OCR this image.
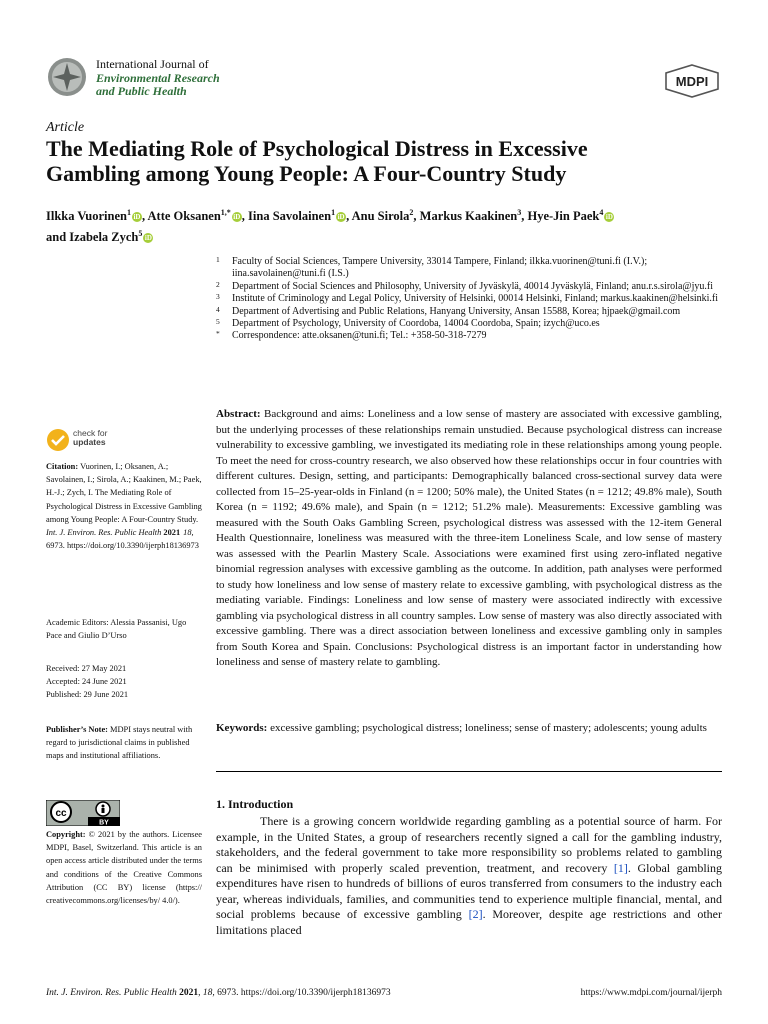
International Journal of
Environmental Research
and Public Health
MDPI
Article
The Mediating Role of Psychological Distress in Excessive Gambling among Young People: A Four-Country Study
Ilkka Vuorinen$^1$iD , Atte Oksanen$^{1,*}$iD , Iina Savolainen$^1$iD , Anu Sirola$^2$, Markus Kaakinen$^3$, Hye-Jin Paek$^4$iD
and Izabela Zych$^5$iD
1 Faculty of Social Sciences, Tampere University, 33014 Tampere, Finland; ilkka.vuorinen@tuni.fi (I.V.); iina.savolainen@tuni.fi (I.S.)
2 Department of Social Sciences and Philosophy, University of Jyväskylä, 40014 Jyväskylä, Finland; anu.r.s.sirola@jyu.fi
3 Institute of Criminology and Legal Policy, University of Helsinki, 00014 Helsinki, Finland; markus.kaakinen@helsinki.fi
4 Department of Advertising and Public Relations, Hanyang University, Ansan 15588, Korea; hjpaek@gmail.com
5 Department of Psychology, University of Coordoba, 14004 Coordoba, Spain; izych@uco.es
* Correspondence: atte.oksanen@tuni.fi; Tel.: +358-50-318-7279
check for
updates
Citation: Vuorinen, I.; Oksanen, A.; Savolainen, I.; Sirola, A.; Kaakinen, M.; Paek, H.-J.; Zych, I. The Mediating Role of Psychological Distress in Excessive Gambling among Young People: A Four-Country Study. Int. J. Environ. Res. Public Health 2021 18, 6973. https://doi.org/10.3390/ijerph18136973
Academic Editors: Alessia Passanisi, Ugo Pace and Giulio D’Urso
Received: 27 May 2021
Accepted: 24 June 2021
Published: 29 June 2021
Publisher’s Note: MDPI stays neutral with regard to jurisdictional claims in published maps and institutional affiliations.
cc
BY
Copyright: © 2021 by the authors. Licensee MDPI, Basel, Switzerland. This article is an open access article distributed under the terms and conditions of the Creative Commons Attribution (CC BY) license (https:// creativecommons.org/licenses/by/ 4.0/).
Abstract: Background and aims: Loneliness and a low sense of mastery are associated with excessive gambling, but the underlying processes of these relationships remain unstudied. Because psychological distress can increase vulnerability to excessive gambling, we investigated its mediating role in these relationships among young people. To meet the need for cross-country research, we also observed how these relationships occur in four countries with different cultures. Design, setting, and participants: Demographically balanced cross-sectional survey data were collected from 15–25-year-olds in Finland (n = 1200; 50% male), the United States (n = 1212; 49.8% male), South Korea (n = 1192; 49.6% male), and Spain (n = 1212; 51.2% male). Measurements: Excessive gambling was measured with the South Oaks Gambling Screen, psychological distress was assessed with the 12-item General Health Questionnaire, loneliness was measured with the three-item Loneliness Scale, and low sense of mastery was assessed with the Pearlin Mastery Scale. Associations were examined first using zero-inflated negative binomial regression analyses with excessive gambling as the outcome. In addition, path analyses were performed to study how loneliness and low sense of mastery relate to excessive gambling, with psychological distress as the mediating variable. Findings: Loneliness and low sense of mastery were associated indirectly with excessive gambling via psychological distress in all country samples. Low sense of mastery was also directly associated with excessive gambling. There was a direct association between loneliness and excessive gambling only in samples from South Korea and Spain. Conclusions: Psychological distress is an important factor in understanding how loneliness and sense of mastery relate to gambling.
Keywords: excessive gambling; psychological distress; loneliness; sense of mastery; adolescents; young adults
1. Introduction
There is a growing concern worldwide regarding gambling as a potential source of harm. For example, in the United States, a group of researchers recently signed a call for the gambling industry, stakeholders, and the federal government to take more responsibility so problems related to gambling can be minimised with properly scaled prevention, treatment, and recovery [1]. Global gambling expenditures have risen to hundreds of billions of euros transferred from consumers to the industry each year, whereas individuals, families, and communities tend to experience multiple financial, mental, and social problems because of excessive gambling [2]. Moreover, despite age restrictions and other limitations placed
Int. J. Environ. Res. Public Health 2021, 18, 6973. https://doi.org/10.3390/ijerph18136973	https://www.mdpi.com/journal/ijerph
